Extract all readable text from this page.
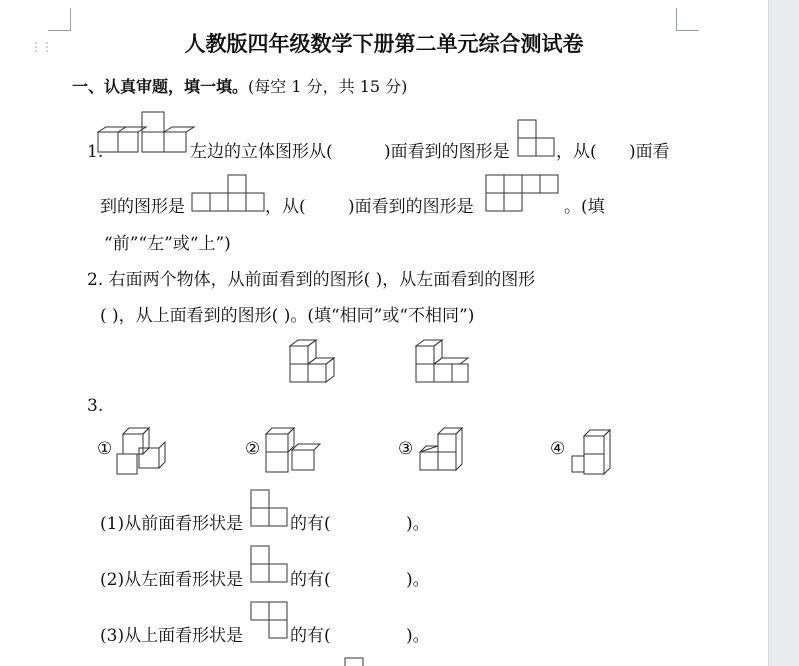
⋮⋮	人教版四年级数学下册第二单元综合测试卷
一、认真审题，填一填。(每空 1 分，共 15 分)
1.	左边的立体图形从(	)面看到的图形是	，从( )面看
到的图形是	，从( )面看到的图形是	。(填
“前”“左”或“上”)
2. 右面两个物体，从前面看到的图形( )，从左面看到的图形
( )，从上面看到的图形( )。(填“相同”或“不相同”)
3.
①	②	③	④
(1)从前面看形状是	的有(	)。
(2)从左面看形状是	的有(	)。
(3)从上面看形状是	的有(	)。
